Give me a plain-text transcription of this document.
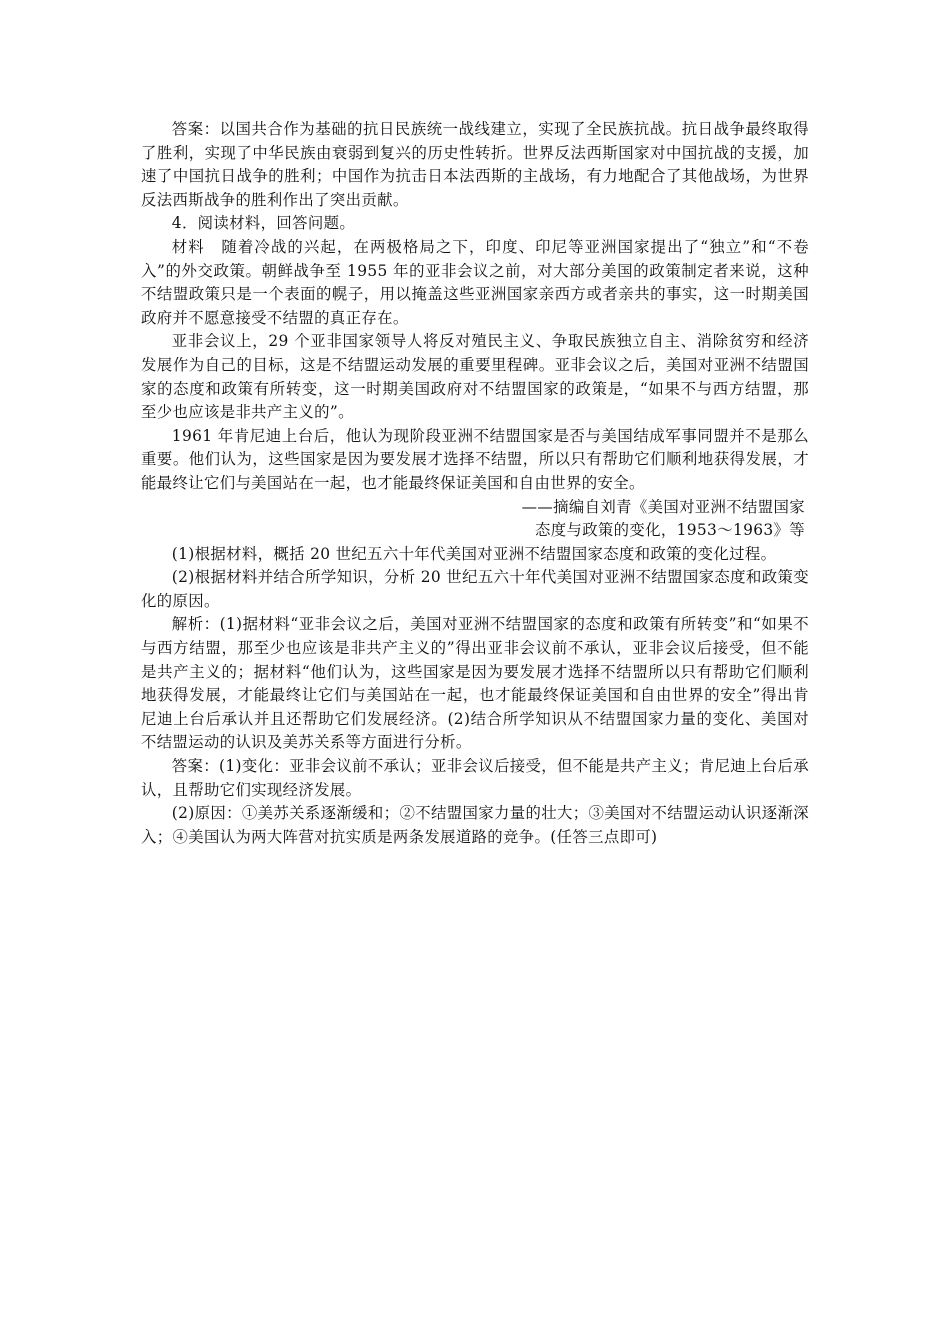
答案：以国共合作为基础的抗日民族统一战线建立，实现了全民族抗战。抗日战争最终取得了胜利，实现了中华民族由衰弱到复兴的历史性转折。世界反法西斯国家对中国抗战的支援，加速了中国抗日战争的胜利；中国作为抗击日本法西斯的主战场，有力地配合了其他战场，为世界反法西斯战争的胜利作出了突出贡献。

4．阅读材料，回答问题。

材料　随着冷战的兴起，在两极格局之下，印度、印尼等亚洲国家提出了“独立”和“不卷入”的外交政策。朝鲜战争至 1955 年的亚非会议之前，对大部分美国的政策制定者来说，这种不结盟政策只是一个表面的幌子，用以掩盖这些亚洲国家亲西方或者亲共的事实，这一时期美国政府并不愿意接受不结盟的真正存在。

亚非会议上，29 个亚非国家领导人将反对殖民主义、争取民族独立自主、消除贫穷和经济发展作为自己的目标，这是不结盟运动发展的重要里程碑。亚非会议之后，美国对亚洲不结盟国家的态度和政策有所转变，这一时期美国政府对不结盟国家的政策是，“如果不与西方结盟，那至少也应该是非共产主义的”。

1961 年肯尼迪上台后，他认为现阶段亚洲不结盟国家是否与美国结成军事同盟并不是那么重要。他们认为，这些国家是因为要发展才选择不结盟，所以只有帮助它们顺利地获得发展，才能最终让它们与美国站在一起，也才能最终保证美国和自由世界的安全。

——摘编自刘青《美国对亚洲不结盟国家

态度与政策的变化，1953～1963》等

(1)根据材料，概括 20 世纪五六十年代美国对亚洲不结盟国家态度和政策的变化过程。

(2)根据材料并结合所学知识，分析 20 世纪五六十年代美国对亚洲不结盟国家态度和政策变化的原因。

解析：(1)据材料“亚非会议之后，美国对亚洲不结盟国家的态度和政策有所转变”和“如果不与西方结盟，那至少也应该是非共产主义的”得出亚非会议前不承认，亚非会议后接受，但不能是共产主义的；据材料“他们认为，这些国家是因为要发展才选择不结盟所以只有帮助它们顺利地获得发展，才能最终让它们与美国站在一起，也才能最终保证美国和自由世界的安全”得出肯尼迪上台后承认并且还帮助它们发展经济。(2)结合所学知识从不结盟国家力量的变化、美国对不结盟运动的认识及美苏关系等方面进行分析。

答案：(1)变化：亚非会议前不承认；亚非会议后接受，但不能是共产主义；肯尼迪上台后承认，且帮助它们实现经济发展。

(2)原因：①美苏关系逐渐缓和；②不结盟国家力量的壮大；③美国对不结盟运动认识逐渐深入；④美国认为两大阵营对抗实质是两条发展道路的竞争。(任答三点即可)
